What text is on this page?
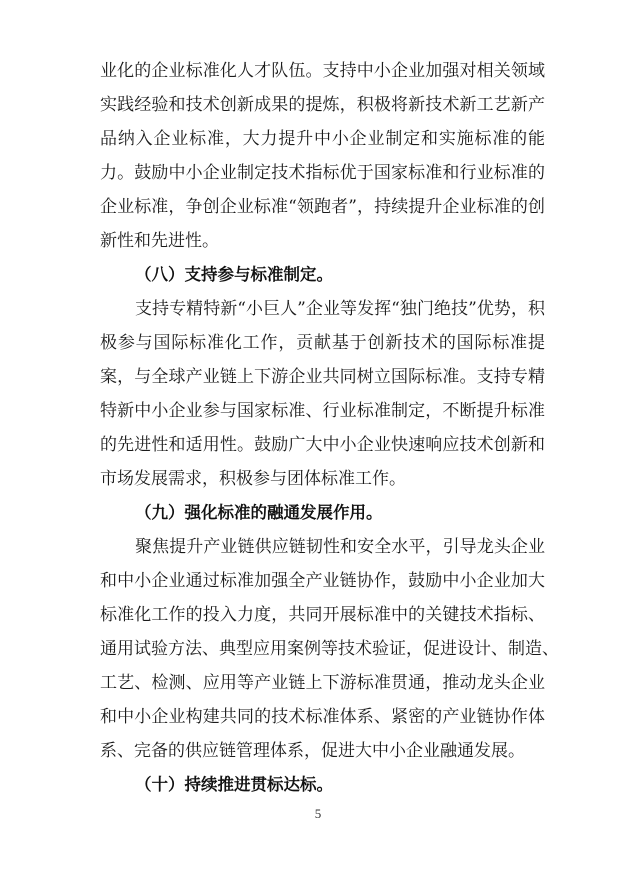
业化的企业标准化人才队伍。支持中小企业加强对相关领域
实践经验和技术创新成果的提炼，积极将新技术新工艺新产
品纳入企业标准，大力提升中小企业制定和实施标准的能
力。鼓励中小企业制定技术指标优于国家标准和行业标准的
企业标准，争创企业标准“领跑者”，持续提升企业标准的创
新性和先进性。
（八）支持参与标准制定。
支持专精特新“小巨人”企业等发挥“独门绝技”优势，积
极参与国际标准化工作，贡献基于创新技术的国际标准提
案，与全球产业链上下游企业共同树立国际标准。支持专精
特新中小企业参与国家标准、行业标准制定，不断提升标准
的先进性和适用性。鼓励广大中小企业快速响应技术创新和
市场发展需求，积极参与团体标准工作。
（九）强化标准的融通发展作用。
聚焦提升产业链供应链韧性和安全水平，引导龙头企业
和中小企业通过标准加强全产业链协作，鼓励中小企业加大
标准化工作的投入力度，共同开展标准中的关键技术指标、
通用试验方法、典型应用案例等技术验证，促进设计、制造、
工艺、检测、应用等产业链上下游标准贯通，推动龙头企业
和中小企业构建共同的技术标准体系、紧密的产业链协作体
系、完备的供应链管理体系，促进大中小企业融通发展。
（十）持续推进贯标达标。
5
